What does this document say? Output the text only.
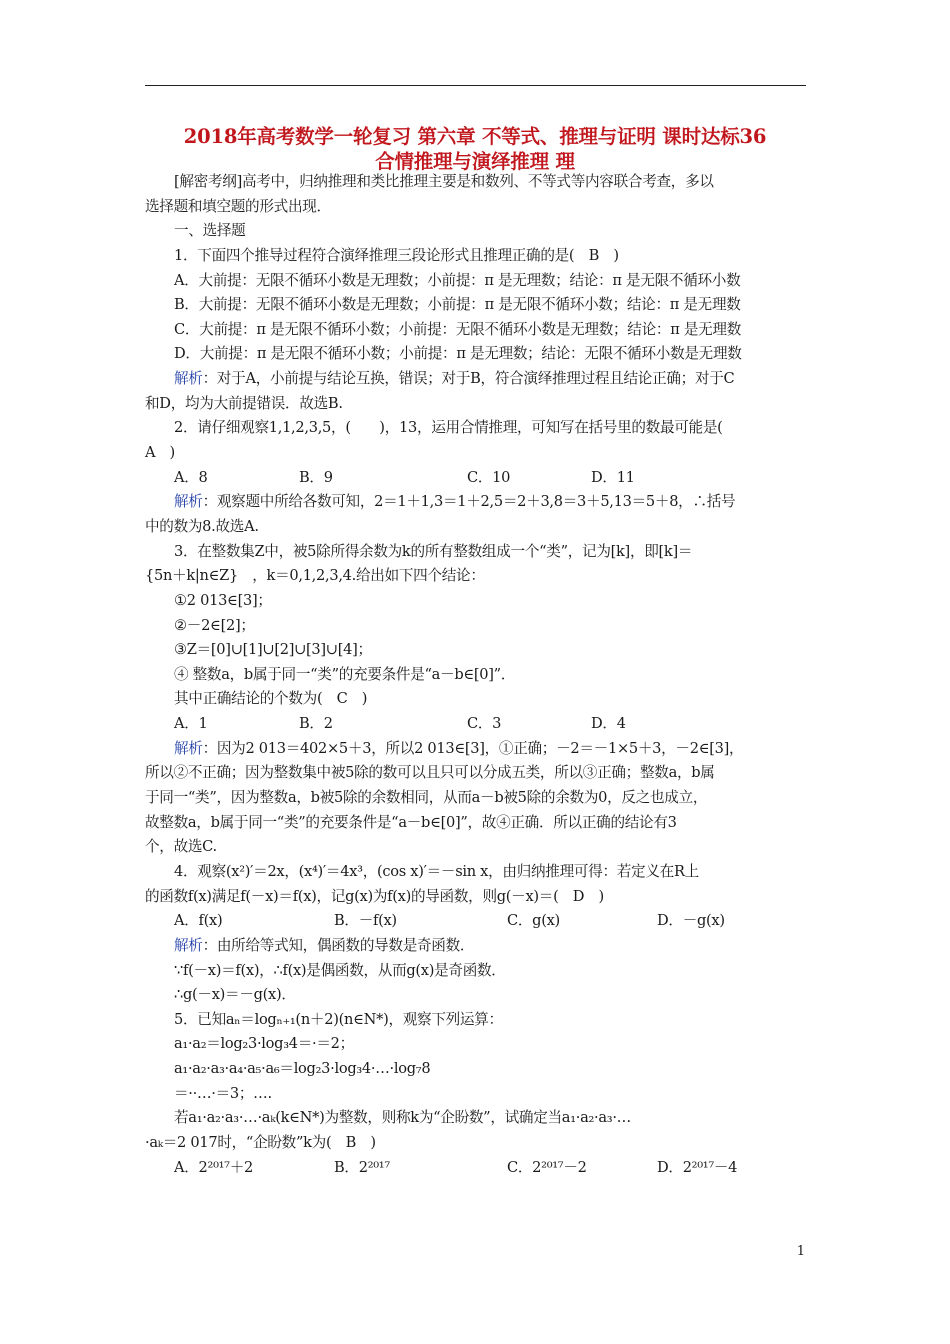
2018年高考数学一轮复习 第六章 不等式、推理与证明 课时达标36
合情推理与演绎推理 理
[解密考纲]高考中，归纳推理和类比推理主要是和数列、不等式等内容联合考查，多以
选择题和填空题的形式出现．
一、选择题
1．下面四个推导过程符合演绎推理三段论形式且推理正确的是(　B　)
A．大前提：无限不循环小数是无理数；小前提：π 是无理数；结论：π 是无限不循环小数
B．大前提：无限不循环小数是无理数；小前提：π 是无限不循环小数；结论：π 是无理数
C．大前提：π 是无限不循环小数；小前提：无限不循环小数是无理数；结论：π 是无理数
D．大前提：π 是无限不循环小数；小前提：π 是无理数；结论：无限不循环小数是无理数
解析：对于A，小前提与结论互换，错误；对于B，符合演绎推理过程且结论正确；对于C
和D，均为大前提错误．故选B.
2．请仔细观察1,1,2,3,5，(　　)，13，运用合情推理，可知写在括号里的数最可能是(
A　)
A．8	B．9	C．10	D．11
解析：观察题中所给各数可知，2＝1＋1,3＝1＋2,5＝2＋3,8＝3＋5,13＝5＋8，∴括号
中的数为8.故选A.
3．在整数集Z中，被5除所得余数为k的所有整数组成一个“类”，记为[k]，即[k]＝
{5n＋k|n∈Z}　，k＝0,1,2,3,4.给出如下四个结论：
①2 013∈[3]；
②－2∈[2]；
③Z＝[0]∪[1]∪[2]∪[3]∪[4]；
④ 整数a，b属于同一“类”的充要条件是“a－b∈[0]”．
其中正确结论的个数为(　C　)
A．1	B．2	C．3	D．4
解析：因为2 013＝402×5＋3，所以2 013∈[3]，①正确；－2＝－1×5＋3，－2∈[3]，
所以②不正确；因为整数集中被5除的数可以且只可以分成五类，所以③正确；整数a，b属
于同一“类”，因为整数a，b被5除的余数相同，从而a－b被5除的余数为0，反之也成立，
故整数a，b属于同一“类”的充要条件是“a－b∈[0]”，故④正确．所以正确的结论有3
个，故选C.
4．观察(x²)′＝2x，(x⁴)′＝4x³，(cos x)′＝－sin x，由归纳推理可得：若定义在R上
的函数f(x)满足f(－x)＝f(x)，记g(x)为f(x)的导函数，则g(－x)＝(　D　)
A．f(x)	B．－f(x)	C．g(x)	D．－g(x)
解析：由所给等式知，偶函数的导数是奇函数．
∵f(－x)＝f(x)，∴f(x)是偶函数，从而g(x)是奇函数．
∴g(－x)＝－g(x)．
5．已知aₙ＝logₙ₊₁(n＋2)(n∈N*)，观察下列运算：
a₁·a₂＝log₂3·log₃4＝·＝2；
a₁·a₂·a₃·a₄·a₅·a₆＝log₂3·log₃4·…·log₇8
＝··…·＝3；….
若a₁·a₂·a₃·…·aₖ(k∈N*)为整数，则称k为“企盼数”，试确定当a₁·a₂·a₃·…
·aₖ＝2 017时，“企盼数”k为(　B　)
A．2²⁰¹⁷＋2	B．2²⁰¹⁷	C．2²⁰¹⁷－2	D．2²⁰¹⁷－4
1
